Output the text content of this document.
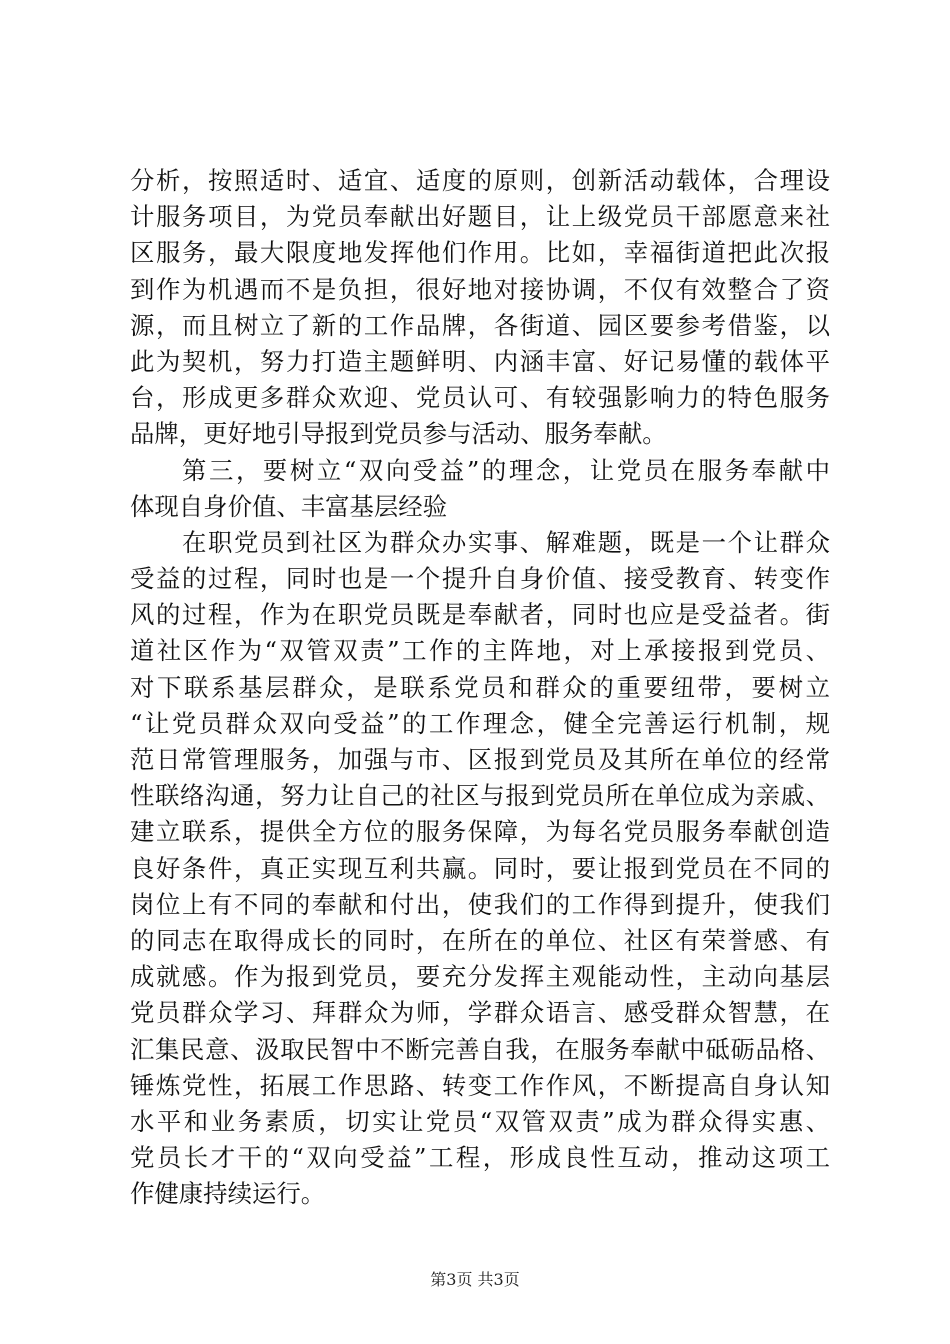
分析，按照适时、适宜、适度的原则，创新活动载体，合理设
计服务项目，为党员奉献出好题目，让上级党员干部愿意来社
区服务，最大限度地发挥他们作用。比如，幸福街道把此次报
到作为机遇而不是负担，很好地对接协调，不仅有效整合了资
源，而且树立了新的工作品牌，各街道、园区要参考借鉴，以
此为契机，努力打造主题鲜明、内涵丰富、好记易懂的载体平
台，形成更多群众欢迎、党员认可、有较强影响力的特色服务
品牌，更好地引导报到党员参与活动、服务奉献。
第三，要树立“双向受益”的理念，让党员在服务奉献中
体现自身价值、丰富基层经验
在职党员到社区为群众办实事、解难题，既是一个让群众
受益的过程，同时也是一个提升自身价值、接受教育、转变作
风的过程，作为在职党员既是奉献者，同时也应是受益者。街
道社区作为“双管双责”工作的主阵地，对上承接报到党员、
对下联系基层群众，是联系党员和群众的重要纽带，要树立
“让党员群众双向受益”的工作理念，健全完善运行机制，规
范日常管理服务，加强与市、区报到党员及其所在单位的经常
性联络沟通，努力让自己的社区与报到党员所在单位成为亲戚、
建立联系，提供全方位的服务保障，为每名党员服务奉献创造
良好条件，真正实现互利共赢。同时，要让报到党员在不同的
岗位上有不同的奉献和付出，使我们的工作得到提升，使我们
的同志在取得成长的同时，在所在的单位、社区有荣誉感、有
成就感。作为报到党员，要充分发挥主观能动性，主动向基层
党员群众学习、拜群众为师，学群众语言、感受群众智慧，在
汇集民意、汲取民智中不断完善自我，在服务奉献中砥砺品格、
锤炼党性，拓展工作思路、转变工作作风，不断提高自身认知
水平和业务素质，切实让党员“双管双责”成为群众得实惠、
党员长才干的“双向受益”工程，形成良性互动，推动这项工
作健康持续运行。
第3页 共3页
